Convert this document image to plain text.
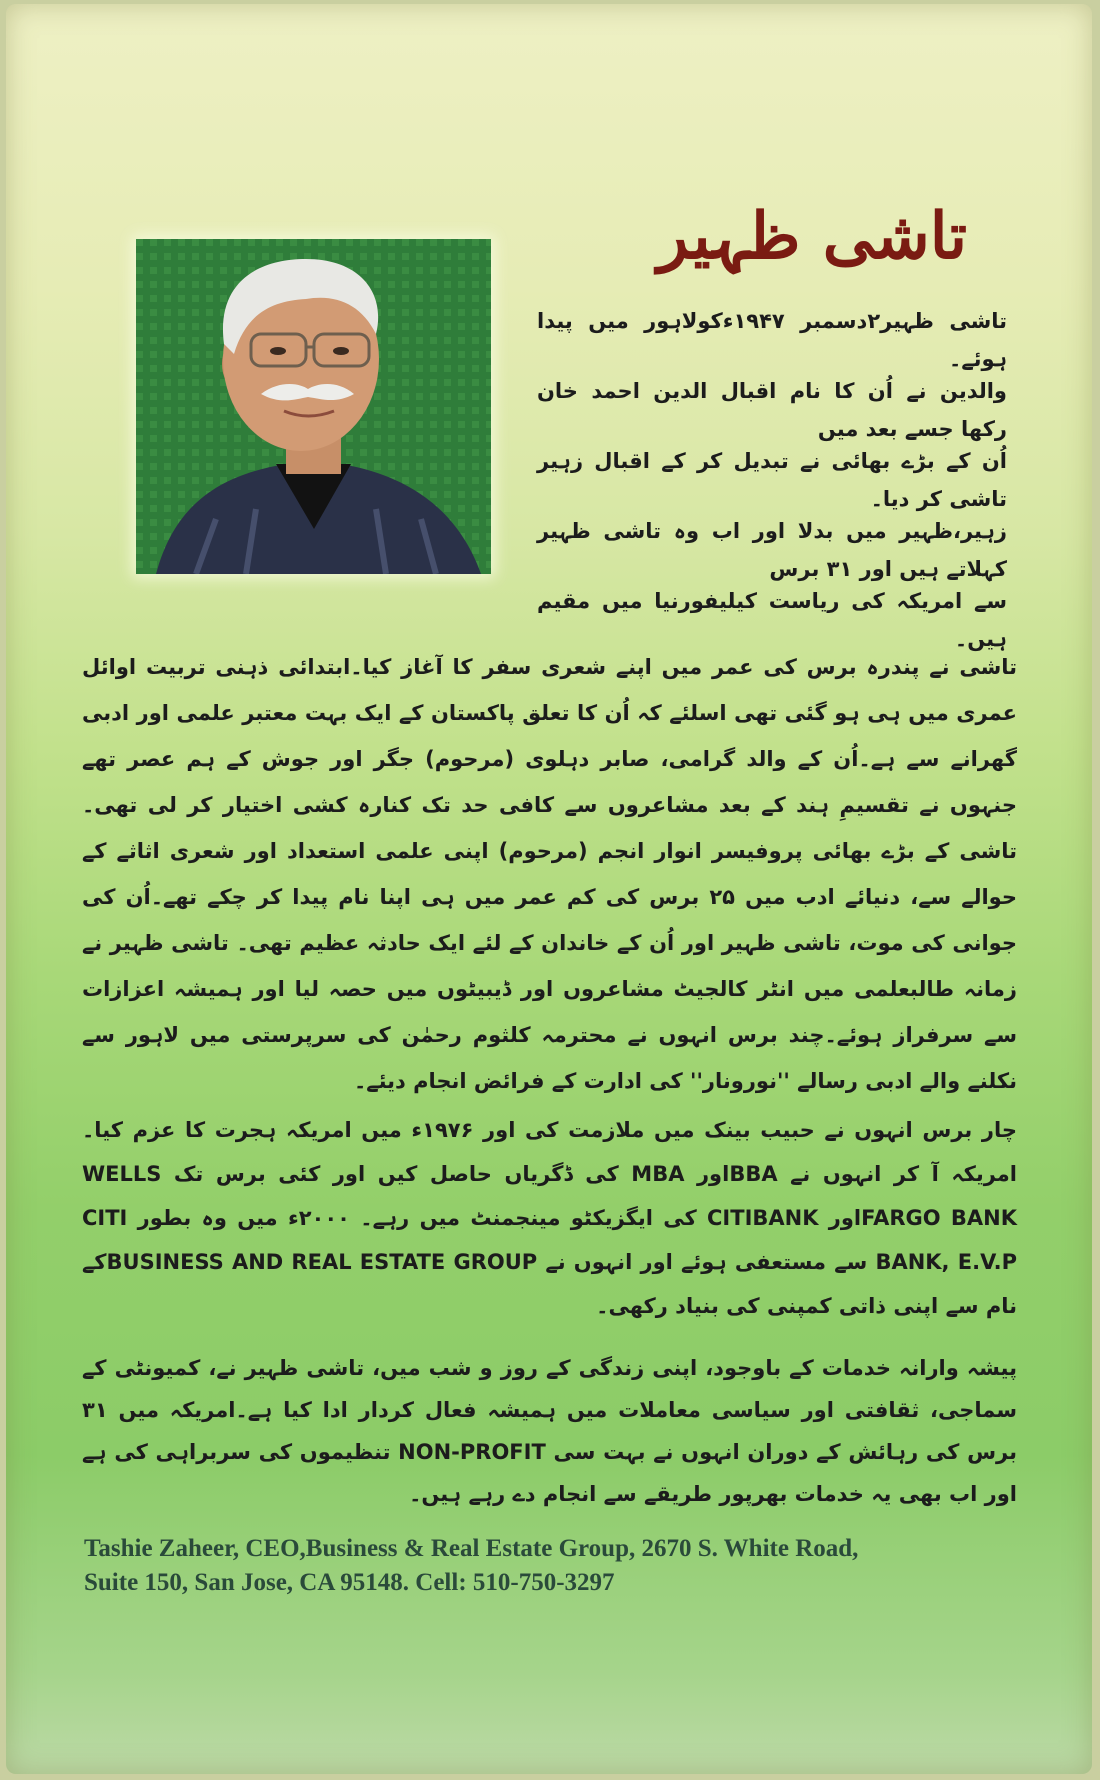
تاشی ظہیر

تاشی ظہیر۲دسمبر ۱۹۴۷ءکولاہور میں پیدا ہوئے۔

والدین نے اُن کا نام اقبال الدین احمد خان رکھا جسے بعد میں

اُن کے بڑے بھائی نے تبدیل کر کے اقبال زہیر تاشی کر دیا۔

زہیر،ظہیر میں بدلا اور اب وہ تاشی ظہیر کہلاتے ہیں اور ۳۱ برس

سے امریکہ کی ریاست کیلیفورنیا میں مقیم ہیں۔

تاشی نے پندرہ برس کی عمر میں اپنے شعری سفر کا آغاز کیا۔ابتدائی ذہنی تربیت اوائل عمری میں ہی ہو گئی تھی اسلئے کہ اُن کا تعلق پاکستان کے ایک بہت معتبر علمی اور ادبی گھرانے سے ہے۔اُن کے والد گرامی، صابر دہلوی (مرحوم) جگر اور جوش کے ہم عصر تھے جنہوں نے تقسیمِ ہند کے بعد مشاعروں سے کافی حد تک کنارہ کشی اختیار کر لی تھی۔تاشی کے بڑے بھائی پروفیسر انوار انجم (مرحوم) اپنی علمی استعداد اور شعری اثاثے کے حوالے سے، دنیائے ادب میں ۲۵ برس کی کم عمر میں ہی اپنا نام پیدا کر چکے تھے۔اُن کی جوانی کی موت، تاشی ظہیر اور اُن کے خاندان کے لئے ایک حادثہ عظیم تھی۔ تاشی ظہیر نے زمانہ طالبعلمی میں انٹر کالجیٹ مشاعروں اور ڈیبیٹوں میں حصہ لیا اور ہمیشہ اعزازات سے سرفراز ہوئے۔چند برس انہوں نے محترمہ کلثوم رحمٰن کی سرپرستی میں لاہور سے نکلنے والے ادبی رسالے ''نورونار'' کی ادارت کے فرائض انجام دیئے۔

چار برس انہوں نے حبیب بینک میں ملازمت کی اور ۱۹۷۶ء میں امریکہ ہجرت کا عزم کیا۔امریکہ آ کر انہوں نے BBAاور MBA کی ڈگریاں حاصل کیں اور کئی برس تک WELLS FARGO BANKاور CITIBANK کی ایگزیکٹو مینجمنٹ میں رہے۔ ۲۰۰۰ء میں وہ بطور CITI BANK, E.V.P سے مستعفی ہوئے اور انہوں نے BUSINESS AND REAL ESTATE GROUPکے نام سے اپنی ذاتی کمپنی کی بنیاد رکھی۔

پیشہ وارانہ خدمات کے باوجود، اپنی زندگی کے روز و شب میں، تاشی ظہیر نے، کمیونٹی کے سماجی، ثقافتی اور سیاسی معاملات میں ہمیشہ فعال کردار ادا کیا ہے۔امریکہ میں ۳۱ برس کی رہائش کے دوران انہوں نے بہت سی NON-PROFIT تنظیموں کی سربراہی کی ہے اور اب بھی یہ خدمات بھرپور طریقے سے انجام دے رہے ہیں۔

Tashie Zaheer, CEO,Business & Real Estate Group, 2670 S. White Road,
Suite 150, San Jose, CA 95148. Cell: 510-750-3297
